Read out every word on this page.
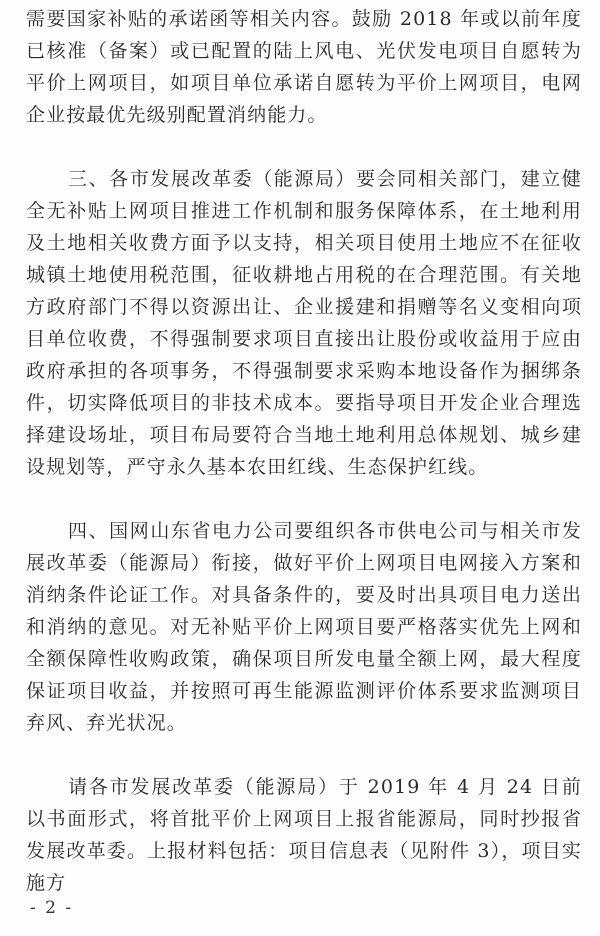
需要国家补贴的承诺函等相关内容。鼓励 2018 年或以前年度已核准（备案）或已配置的陆上风电、光伏发电项目自愿转为平价上网项目，如项目单位承诺自愿转为平价上网项目，电网企业按最优先级别配置消纳能力。

三、各市发展改革委（能源局）要会同相关部门，建立健全无补贴上网项目推进工作机制和服务保障体系，在土地利用及土地相关收费方面予以支持，相关项目使用土地应不在征收城镇土地使用税范围，征收耕地占用税的在合理范围。有关地方政府部门不得以资源出让、企业援建和捐赠等名义变相向项目单位收费，不得强制要求项目直接出让股份或收益用于应由政府承担的各项事务，不得强制要求采购本地设备作为捆绑条件，切实降低项目的非技术成本。要指导项目开发企业合理选择建设场址，项目布局要符合当地土地利用总体规划、城乡建设规划等，严守永久基本农田红线、生态保护红线。

四、国网山东省电力公司要组织各市供电公司与相关市发展改革委（能源局）衔接，做好平价上网项目电网接入方案和消纳条件论证工作。对具备条件的，要及时出具项目电力送出和消纳的意见。对无补贴平价上网项目要严格落实优先上网和全额保障性收购政策，确保项目所发电量全额上网，最大程度保证项目收益，并按照可再生能源监测评价体系要求监测项目弃风、弃光状况。

请各市发展改革委（能源局）于 2019 年 4 月 24 日前以书面形式，将首批平价上网项目上报省能源局，同时抄报省发展改革委。上报材料包括：项目信息表（见附件 3），项目实施方

- 2 -
